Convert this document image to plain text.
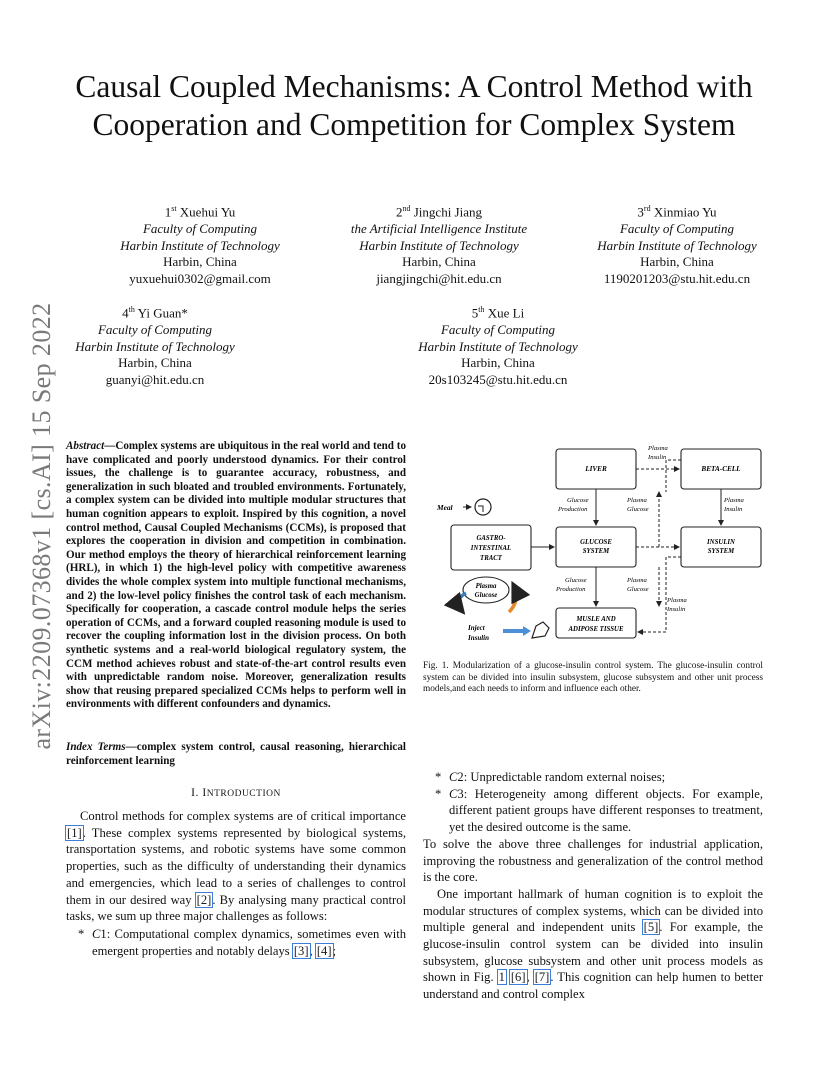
Causal Coupled Mechanisms: A Control Method with Cooperation and Competition for Complex System
arXiv:2209.07368v1 [cs.AI] 15 Sep 2022
1st Xuehui Yu
Faculty of Computing
Harbin Institute of Technology
Harbin, China
yuxuehui0302@gmail.com
2nd Jingchi Jiang
the Artificial Intelligence Institute
Harbin Institute of Technology
Harbin, China
jiangjingchi@hit.edu.cn
3rd Xinmiao Yu
Faculty of Computing
Harbin Institute of Technology
Harbin, China
1190201203@stu.hit.edu.cn
4th Yi Guan*
Faculty of Computing
Harbin Institute of Technology
Harbin, China
guanyi@hit.edu.cn
5th Xue Li
Faculty of Computing
Harbin Institute of Technology
Harbin, China
20s103245@stu.hit.edu.cn
Abstract—Complex systems are ubiquitous in the real world and tend to have complicated and poorly understood dynamics. For their control issues, the challenge is to guarantee accuracy, robustness, and generalization in such bloated and troubled environments. Fortunately, a complex system can be divided into multiple modular structures that human cognition appears to exploit. Inspired by this cognition, a novel control method, Causal Coupled Mechanisms (CCMs), is proposed that explores the cooperation in division and competition in combination. Our method employs the theory of hierarchical reinforcement learning (HRL), in which 1) the high-level policy with competitive awareness divides the whole complex system into multiple functional mechanisms, and 2) the low-level policy finishes the control task of each mechanism. Specifically for cooperation, a cascade control module helps the series operation of CCMs, and a forward coupled reasoning module is used to recover the coupling information lost in the division process. On both synthetic systems and a real-world biological regulatory system, the CCM method achieves robust and state-of-the-art control results even with unpredictable random noise. Moreover, generalization results show that reusing prepared specialized CCMs helps to perform well in environments with different confounders and dynamics.
Index Terms—complex system control, causal reasoning, hierarchical reinforcement learning
I. INTRODUCTION

Control methods for complex systems are of critical importance [1]. These complex systems represented by biological systems, transportation systems, and robotic systems have some common properties, such as the difficulty of understanding their dynamics and emergencies, which lead to a series of challenges to control them in our desired way [2]. By analysing many practical control tasks, we sum up three major challenges as follows:

* C1: Computational complex dynamics, sometimes even with emergent properties and notably delays [3], [4];
LIVER	BETA-CELL
GASTRO-
INTESTINAL
TRACT
GLUCOSE
SYSTEM
INSULIN
SYSTEM
MUSLE AND
ADIPOSE TISSUE
Plasma
Glucose
Meal
Inject
Insulin
Plasma
Insulin
Glucose
Production
Plasma
Glucose
Plasma
Insulin
Glucose
Production
Plasma
Glucose
Plasma
Insulin
Fig. 1. Modularization of a glucose-insulin control system. The glucose-insulin control system can be divided into insulin subsystem, glucose subsystem and other unit process models,and each needs to inform and influence each other.
* C2: Unpredictable random external noises;
* C3: Heterogeneity among different objects. For example, different patient groups have different responses to treatment, yet the desired outcome is the same.

To solve the above three challenges for industrial application, improving the robustness and generalization of the control method is the core.

One important hallmark of human cognition is to exploit the modular structures of complex systems, which can be divided into multiple general and independent units [5]. For example, the glucose-insulin control system can be divided into insulin subsystem, glucose subsystem and other unit process models as shown in Fig. 1 [6], [7]. This cognition can help humen to better understand and control complex
